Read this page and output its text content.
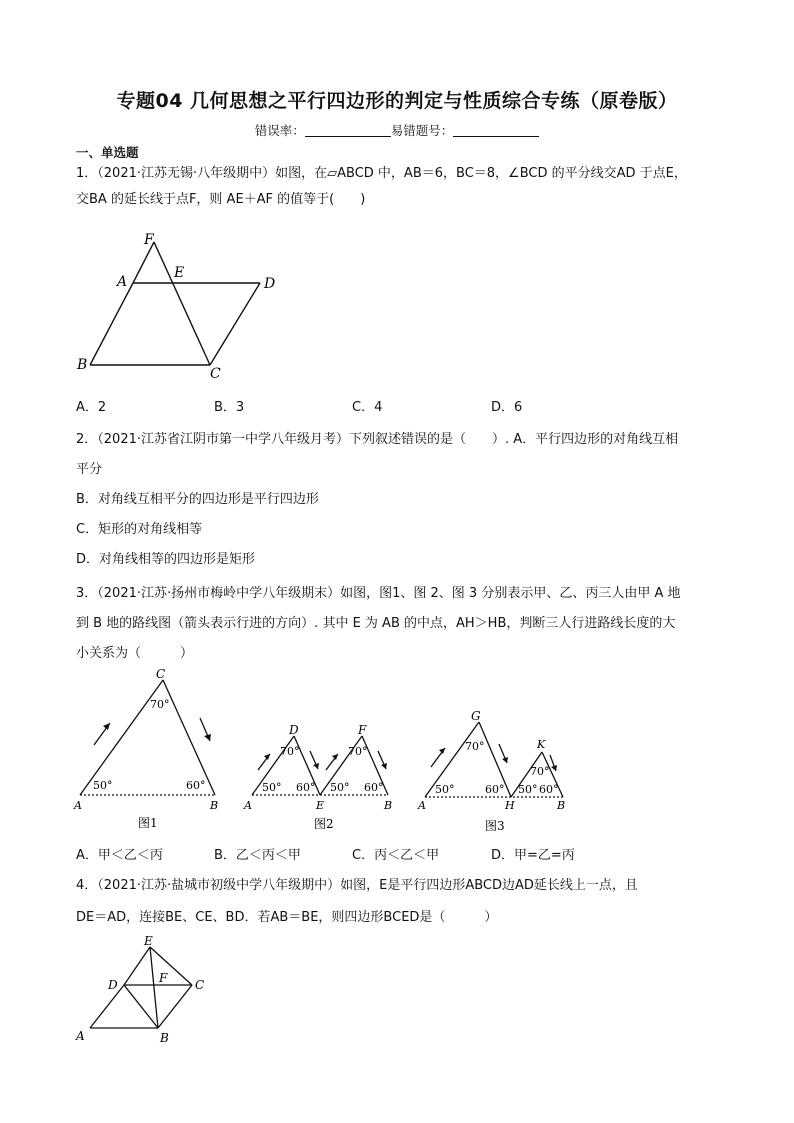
专题04 几何思想之平行四边形的判定与性质综合专练（原卷版）
错误率：	易错题号：
一、单选题
1．（2021·江苏无锡·八年级期中）如图，在▱ABCD 中，AB＝6，BC＝8，∠BCD 的平分线交AD 于点E，
交BA 的延长线于点F，则 AE＋AF 的值等于(　　)
F
A
E
D
B
C
A．2	B．3	C．4	D．6
2．（2021·江苏省江阴市第一中学八年级月考）下列叙述错误的是（　　）. A．平行四边形的对角线互相
平分
B．对角线互相平分的四边形是平行四边形
C．矩形的对角线相等
D．对角线相等的四边形是矩形
3．（2021·江苏·扬州市梅岭中学八年级期末）如图，图1、图 2、图 3 分别表示甲、乙、丙三人由甲 A 地
到 B 地的路线图（箭头表示行进的方向）. 其中 E 为 AB 的中点，AH＞HB，判断三人行进路线长度的大
小关系为（　　　）
C
70°
50°	60°
A	B
图1
D	F
70°	70°
50° 60° 50° 60°
A	E	B
图2
G
K
70°
70°
50°	60° 50° 60°
A	H	B
图3
A．甲＜乙＜丙	B．乙＜丙＜甲	C．丙＜乙＜甲	D．甲=乙=丙
4．（2021·江苏·盐城市初级中学八年级期中）如图，E是平行四边形ABCD边AD延长线上一点，且
DE＝AD，连接BE、CE、BD．若AB＝BE，则四边形BCED是（　　　）
E
D	F C
A	B
